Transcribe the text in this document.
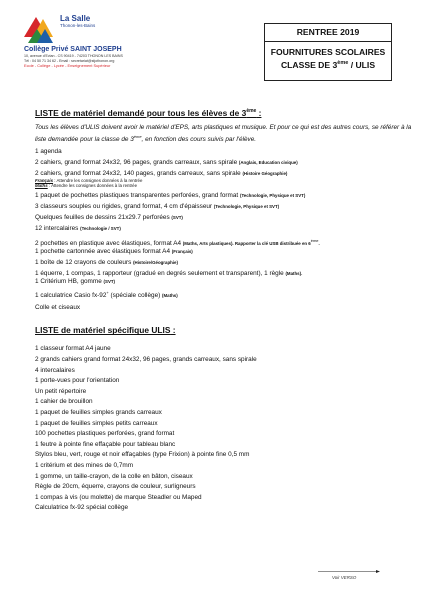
La Salle
Thonon-les-Bains
Collège Privé SAINT JOSEPH
10, avenue d'Evian - CS 90419 - 74203 THONON LES BAINS
Tél : 04 50 71 34 62 - Email : secretariat@stjothonon.org
Ecole - Collège - Lycée - Enseignement Supérieur
RENTREE 2019
FOURNITURES SCOLAIRES
CLASSE DE 3ème / ULIS
LISTE de matériel demandé pour tous les élèves de 3ème :
Tous les élèves d'ULIS doivent avoir le matériel d'EPS, arts plastiques et musique. Et pour ce qui est des autres cours, se référer à la liste demandée pour la classe de 3ème, en fonction des cours suivis par l'élève.
1 agenda
2 cahiers, grand format 24x32, 96 pages, grands carreaux, sans spirale (Anglais, Education civique)
2 cahiers, grand format 24x32, 140 pages, grands carreaux, sans spirale (Histoire Géographie)
Français : Attendre les consignes données à la rentrée
Maths : Attendre les consignes données à la rentrée
1 paquet de pochettes plastiques transparentes perforées, grand format (Technologie, Physique et SVT)
3 classeurs souples ou rigides, grand format, 4 cm d'épaisseur (Technologie, Physique et SVT)
Quelques feuilles de dessins 21x29.7 perforées (SVT)
12 intercalaires (Technologie / SVT)
2 pochettes en plastique avec élastiques, format A4 (Maths, Arts plastiques). Rapporter la clé USB distribuée en 6ème.
1 pochette cartonnée avec élastiques format A4 (Français)
1 boîte de 12 crayons de couleurs (Histoire/Géographie)
1 équerre, 1 compas, 1 rapporteur (gradué en degrés seulement et transparent), 1 règle (Maths).
1 Critérium HB, gomme (SVT)
1 calculatrice Casio fx-92+ (spéciale collège) (Maths)
Colle et ciseaux
LISTE de matériel spécifique ULIS :
1 classeur format A4 jaune
2 grands cahiers grand format 24x32, 96 pages, grands carreaux, sans spirale
4 intercalaires
1 porte-vues pour l'orientation
Un petit répertoire
1 cahier de brouillon
1 paquet de feuilles simples grands carreaux
1 paquet de feuilles simples petits carreaux
100 pochettes plastiques perforées, grand format
1 feutre à pointe fine effaçable pour tableau blanc
Stylos bleu, vert, rouge et noir effaçables (type Frixion) à pointe fine 0,5 mm
1 critérium et des mines de 0,7mm
1 gomme, un taille-crayon, de la colle en bâton, ciseaux
Règle de 20cm, équerre, crayons de couleur, surligneurs
1 compas à vis (ou molette) de marque Steadler ou Maped
Calculatrice fx-92 spécial collège
Voir VERSO
